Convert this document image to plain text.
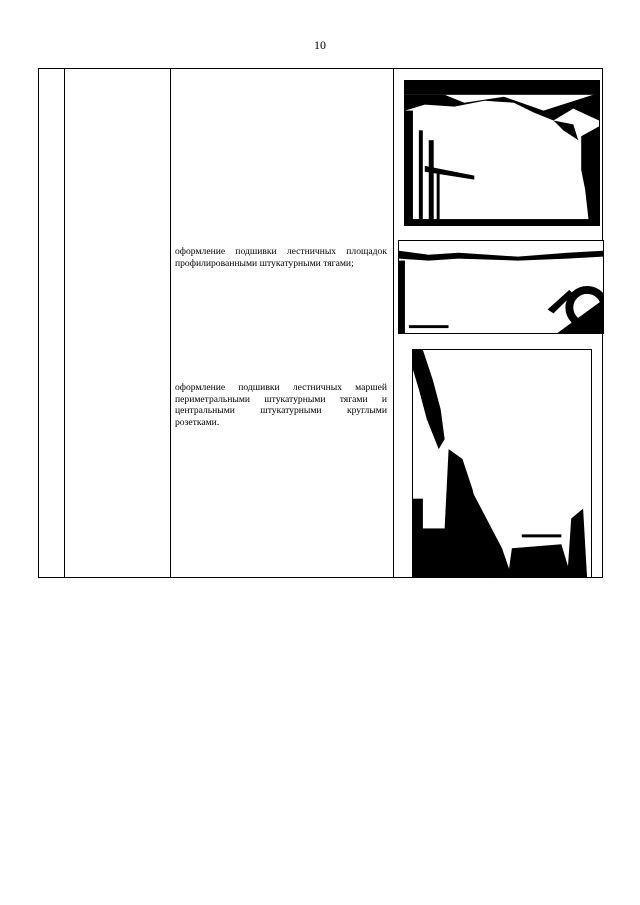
10
оформление подшивки лестничных площадок профилированными штукатурными тягами;
оформление подшивки лестничных маршей периметральными штукатурными тягами и центральными штукатурными круглыми розетками.
